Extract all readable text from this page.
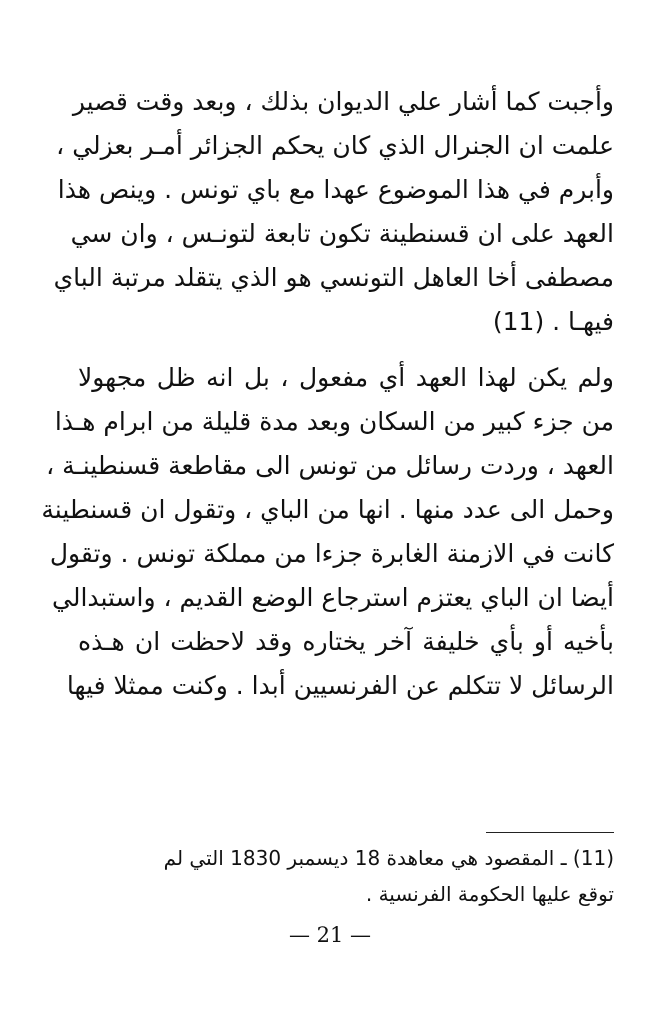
وأجبت كما أشار علي الديوان بذلك ، وبعد وقت قصير
علمت ان الجنرال الذي كان يحكم الجزائر أمـر بعزلي ،
وأبرم في هذا الموضوع عهدا مع باي تونس . وينص هذا
العهد على ان قسنطينة تكون تابعة لتونـس ، وان سي
مصطفى أخا العاهل التونسي هو الذي يتقلد مرتبة الباي
فيهـا . (11)
ولم يكن لهذا العهد أي مفعول ، بل انه ظل مجهولا
من جزء كبير من السكان وبعد مدة قليلة من ابرام هـذا
العهد ، وردت رسائل من تونس الى مقاطعة قسنطينـة ،
وحمل الى عدد منها . انها من الباي ، وتقول ان قسنطينة
كانت في الازمنة الغابرة جزءا من مملكة تونس . وتقول
أيضا ان الباي يعتزم استرجاع الوضع القديم ، واستبدالي
بأخيه أو بأي خليفة آخر يختاره وقد لاحظت ان هـذه
الرسائل لا تتكلم عن الفرنسيين أبدا . وكنت ممثلا فيها
(11) ـ المقصود هي معاهدة 18 ديسمبر 1830 التي لم
توقع عليها الحكومة الفرنسية .
— 21 —
